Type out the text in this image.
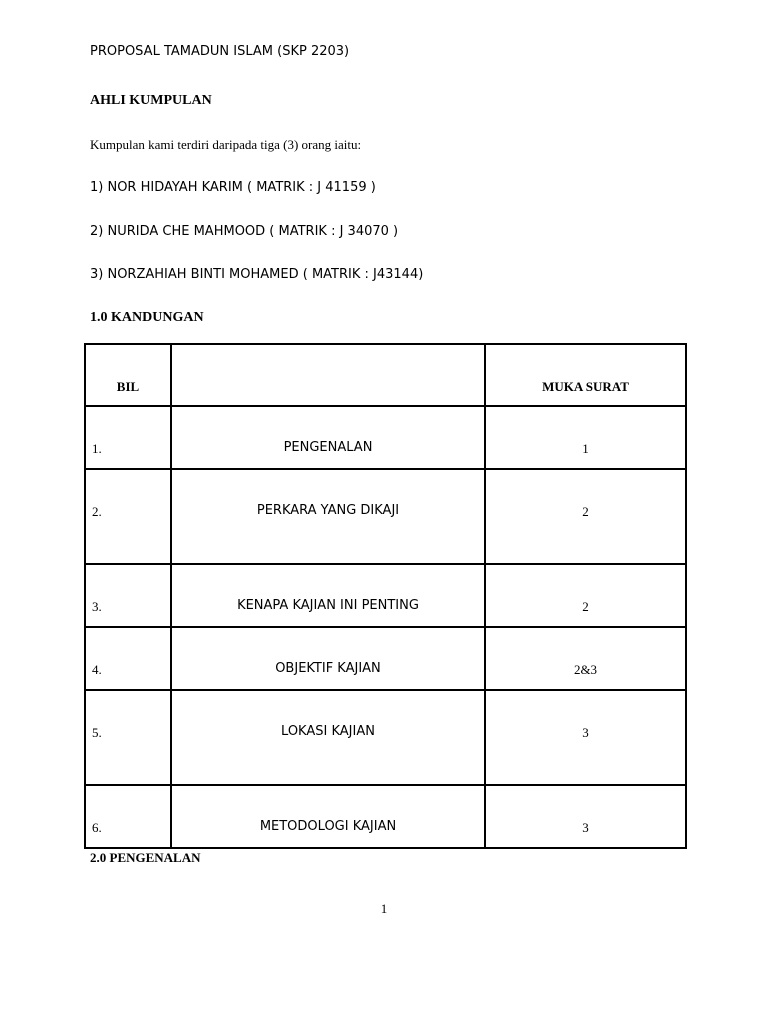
PROPOSAL TAMADUN ISLAM (SKP 2203)
AHLI KUMPULAN
Kumpulan kami terdiri daripada tiga (3) orang iaitu:
1) NOR HIDAYAH KARIM ( MATRIK : J 41159 )
2) NURIDA CHE MAHMOOD ( MATRIK : J 34070 )
3) NORZAHIAH BINTI MOHAMED ( MATRIK : J43144)
1.0 KANDUNGAN
BIL		MUKA SURAT

1.	PENGENALAN	1

2.	PERKARA YANG DIKAJI	2

3.	KENAPA KAJIAN INI PENTING	2

4.	OBJEKTIF KAJIAN	2&3

5.	LOKASI KAJIAN	3

6.	METODOLOGI KAJIAN	3
2.0 PENGENALAN
1
